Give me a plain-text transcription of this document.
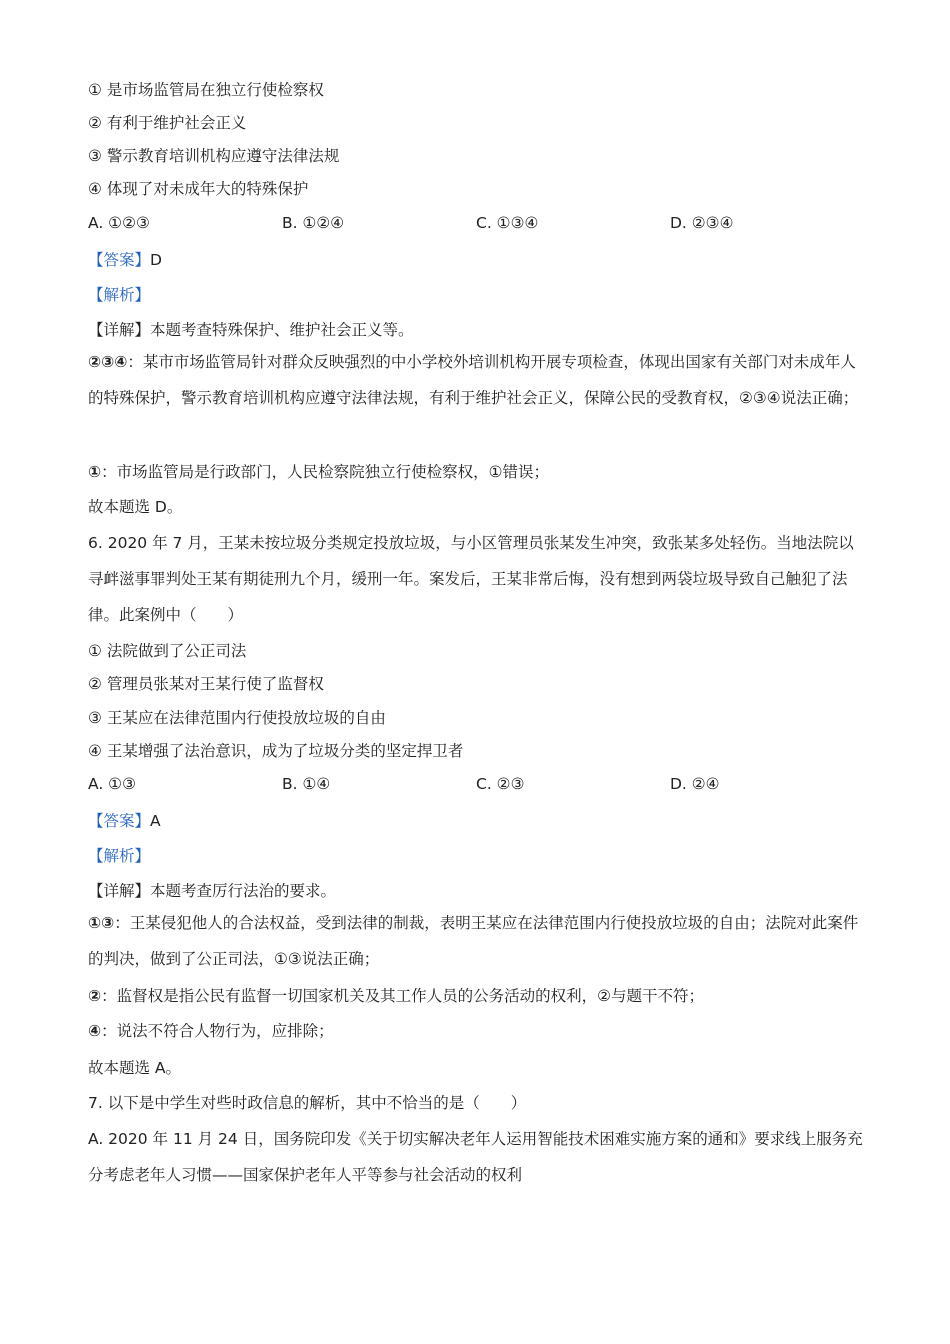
① 是市场监管局在独立行使检察权
② 有利于维护社会正义
③ 警示教育培训机构应遵守法律法规
④ 体现了对未成年大的特殊保护
A. ①②③	B. ①②④	C. ①③④	D. ②③④
【答案】D
【解析】
【详解】本题考查特殊保护、维护社会正义等。
②③④：某市市场监管局针对群众反映强烈的中小学校外培训机构开展专项检查，体现出国家有关部门对未成年人的特殊保护，警示教育培训机构应遵守法律法规，有利于维护社会正义，保障公民的受教育权，②③④说法正确；
①：市场监管局是行政部门，人民检察院独立行使检察权，①错误；
故本题选 D。
6. 2020 年 7 月，王某未按垃圾分类规定投放垃圾，与小区管理员张某发生冲突，致张某多处轻伤。当地法院以寻衅滋事罪判处王某有期徒刑九个月，缓刑一年。案发后，王某非常后悔，没有想到两袋垃圾导致自己触犯了法律。此案例中（　　）
① 法院做到了公正司法
② 管理员张某对王某行使了监督权
③ 王某应在法律范围内行使投放垃圾的自由
④ 王某增强了法治意识，成为了垃圾分类的坚定捍卫者
A. ①③	B. ①④	C. ②③	D. ②④
【答案】A
【解析】
【详解】本题考查厉行法治的要求。
①③：王某侵犯他人的合法权益，受到法律的制裁，表明王某应在法律范围内行使投放垃圾的自由；法院对此案件的判决，做到了公正司法，①③说法正确；
②：监督权是指公民有监督一切国家机关及其工作人员的公务活动的权利，②与题干不符；
④：说法不符合人物行为，应排除；
故本题选 A。
7. 以下是中学生对些时政信息的解析，其中不恰当的是（　　）
A. 2020 年 11 月 24 日，国务院印发《关于切实解决老年人运用智能技术困难实施方案的通和》要求线上服务充分考虑老年人习惯——国家保护老年人平等参与社会活动的权利
